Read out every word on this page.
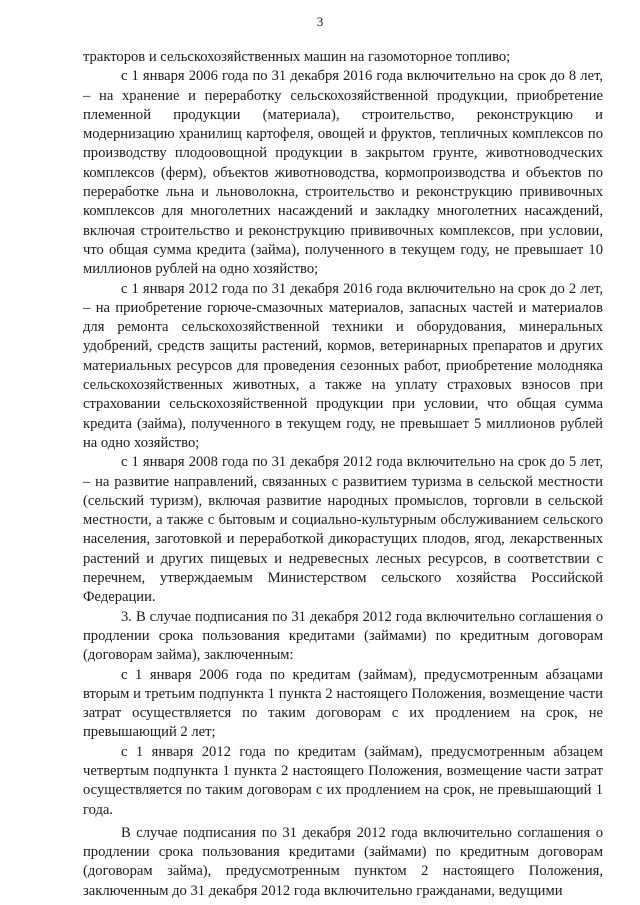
3

тракторов и сельскохозяйственных машин на газомоторное топливо;

с 1 января 2006 года по 31 декабря 2016 года включительно на срок до 8 лет, – на хранение и переработку сельскохозяйственной продукции, приобретение племенной продукции (материала), строительство, реконструкцию и модернизацию хранилищ картофеля, овощей и фруктов, тепличных комплексов по производству плодоовощной продукции в закрытом грунте, животноводческих комплексов (ферм), объектов животноводства, кормопроизводства и объектов по переработке льна и льноволокна, строительство и реконструкцию прививочных комплексов для многолетних насаждений и закладку многолетних насаждений, включая строительство и реконструкцию прививочных комплексов, при условии, что общая сумма кредита (займа), полученного в текущем году, не превышает 10 миллионов рублей на одно хозяйство;

с 1 января 2012 года по 31 декабря 2016 года включительно на срок до 2 лет, – на приобретение горюче-смазочных материалов, запасных частей и материалов для ремонта сельскохозяйственной техники и оборудования, минеральных удобрений, средств защиты растений, кормов, ветеринарных препаратов и других материальных ресурсов для проведения сезонных работ, приобретение молодняка сельскохозяйственных животных, а также на уплату страховых взносов при страховании сельскохозяйственной продукции при условии, что общая сумма кредита (займа), полученного в текущем году, не превышает 5 миллионов рублей на одно хозяйство;

с 1 января 2008 года по 31 декабря 2012 года включительно на срок до 5 лет, – на развитие направлений, связанных с развитием туризма в сельской местности (сельский туризм), включая развитие народных промыслов, торговли в сельской местности, а также с бытовым и социально-культурным обслуживанием сельского населения, заготовкой и переработкой дикорастущих плодов, ягод, лекарственных растений и других пищевых и недревесных лесных ресурсов, в соответствии с перечнем, утверждаемым Министерством сельского хозяйства Российской Федерации.

3. В случае подписания по 31 декабря 2012 года включительно соглашения о продлении срока пользования кредитами (займами) по кредитным договорам (договорам займа), заключенным:

с 1 января 2006 года по кредитам (займам), предусмотренным абзацами вторым и третьим подпункта 1 пункта 2 настоящего Положения, возмещение части затрат осуществляется по таким договорам с их продлением на срок, не превышающий 2 лет;

с 1 января 2012 года по кредитам (займам), предусмотренным абзацем четвертым подпункта 1 пункта 2 настоящего Положения, возмещение части затрат осуществляется по таким договорам с их продлением на срок, не превышающий 1 года.

В случае подписания по 31 декабря 2012 года включительно соглашения о продлении срока пользования кредитами (займами) по кредитным договорам (договорам займа), предусмотренным пунктом 2 настоящего Положения, заключенным до 31 декабря 2012 года включительно гражданами, ведущими
